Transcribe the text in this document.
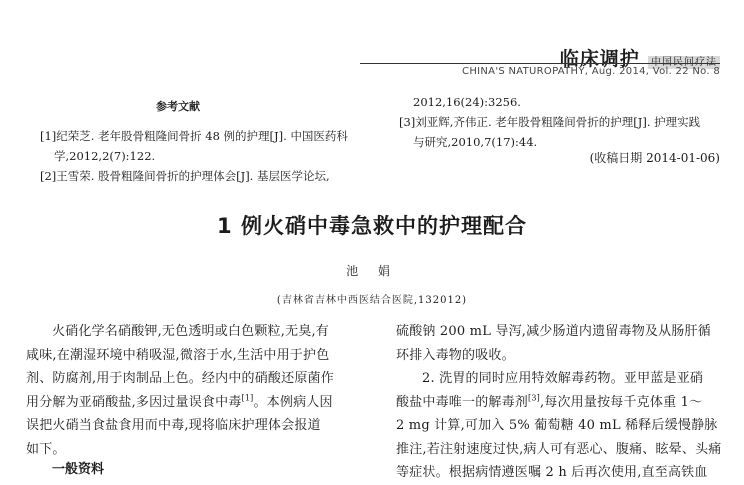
临床调护 中国民间疗法
CHINA'S NATUROPATHY, Aug. 2014, Vol. 22 No. 8
参考文献
[1]纪荣芝. 老年股骨粗隆间骨折 48 例的护理[J]. 中国医药科
学,2012,2(7):122.
[2]王雪荣. 股骨粗隆间骨折的护理体会[J]. 基层医学论坛,
2012,16(24):3256.
[3]刘亚辉,齐伟正. 老年股骨粗隆间骨折的护理[J]. 护理实践
与研究,2010,7(17):44.
(收稿日期 2014-01-06)
1 例火硝中毒急救中的护理配合
池 娟
(吉林省吉林中西医结合医院,132012)
火硝化学名硝酸钾,无色透明或白色颗粒,无臭,有
咸味,在潮湿环境中稍吸湿,微溶于水,生活中用于护色
剂、防腐剂,用于肉制品上色。经内中的硝酸还原菌作
用分解为亚硝酸盐,多因过量误食中毒[1]。本例病人因
误把火硝当食盐食用而中毒,现将临床护理体会报道
如下。
一般资料
硫酸钠 200 mL 导泻,减少肠道内遗留毒物及从肠肝循
环排入毒物的吸收。
2. 洗胃的同时应用特效解毒药物。亚甲蓝是亚硝
酸盐中毒唯一的解毒剂[3],每次用量按每千克体重 1～
2 mg 计算,可加入 5% 葡萄糖 40 mL 稀释后缓慢静脉
推注,若注射速度过快,病人可有恶心、腹痛、眩晕、头痛
等症状。根据病情遵医嘱 2 h 后再次使用,直至高铁血
